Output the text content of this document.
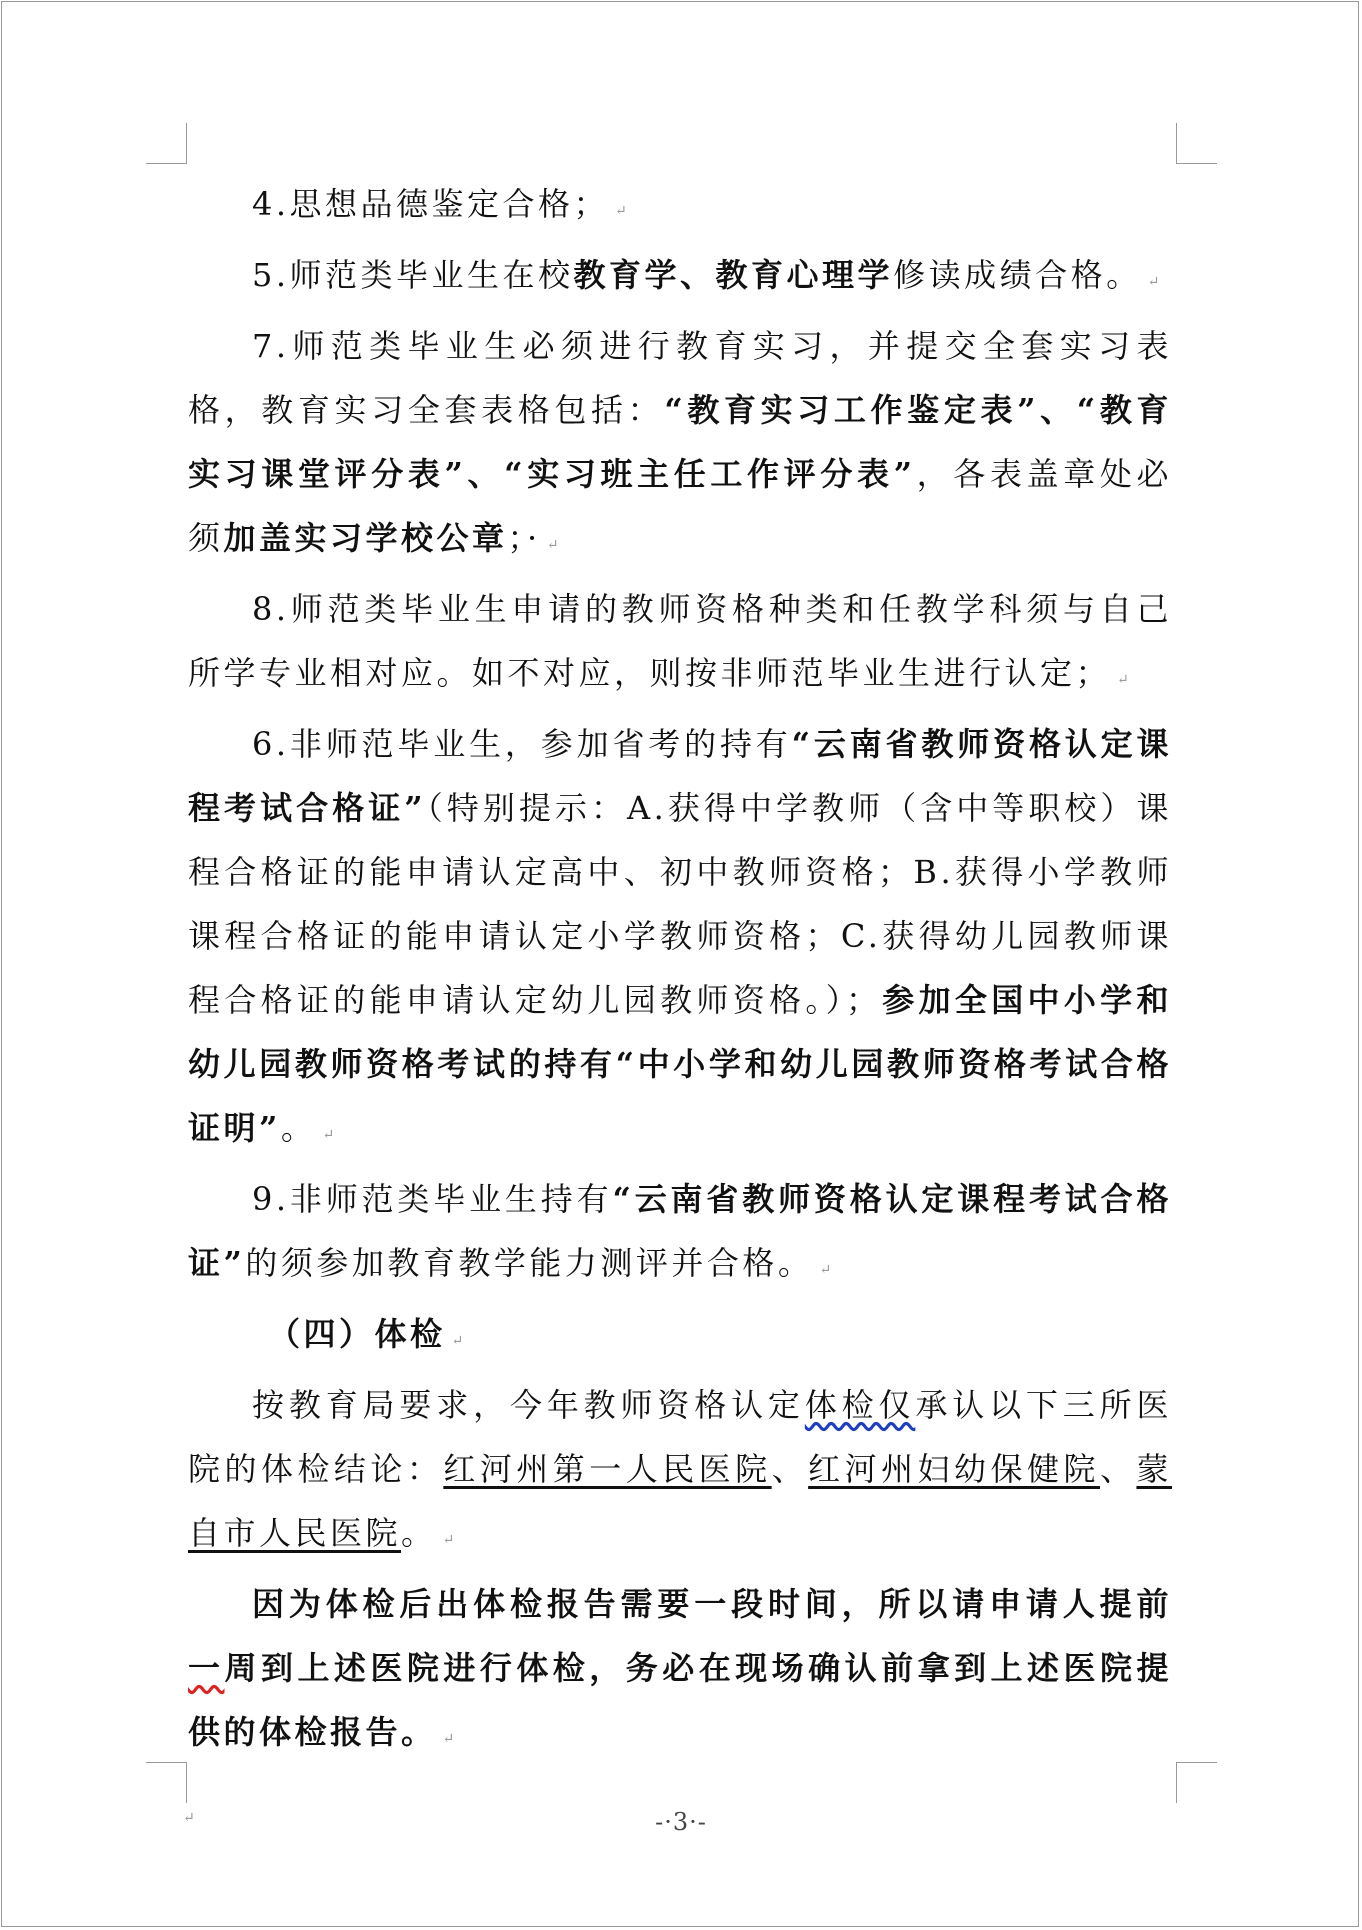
4.思想品德鉴定合格； ↵

5.师范类毕业生在校教育学、教育心理学修读成绩合格。 ↵

7.师范类毕业生必须进行教育实习，并提交全套实习表格，教育实习全套表格包括：“教育实习工作鉴定表”、“教育实习课堂评分表”、“实习班主任工作评分表”，各表盖章处必须加盖实习学校公章；· ↵

8.师范类毕业生申请的教师资格种类和任教学科须与自己所学专业相对应。如不对应，则按非师范毕业生进行认定； ↵

6.非师范毕业生，参加省考的持有“云南省教师资格认定课程考试合格证”（特别提示：A.获得中学教师（含中等职校）课程合格证的能申请认定高中、初中教师资格；B.获得小学教师课程合格证的能申请认定小学教师资格；C.获得幼儿园教师课程合格证的能申请认定幼儿园教师资格。）；参加全国中小学和幼儿园教师资格考试的持有“中小学和幼儿园教师资格考试合格证明”。 ↵

9.非师范类毕业生持有“云南省教师资格认定课程考试合格证”的须参加教育教学能力测评并合格。 ↵

（四）体检 ↵

按教育局要求，今年教师资格认定体检仅承认以下三所医院的体检结论：红河州第一人民医院、红河州妇幼保健院、蒙自市人民医院。 ↵

因为体检后出体检报告需要一段时间，所以请申请人提前一周到上述医院进行体检，务必在现场确认前拿到上述医院提供的体检报告。 ↵

↵	-·3·-
